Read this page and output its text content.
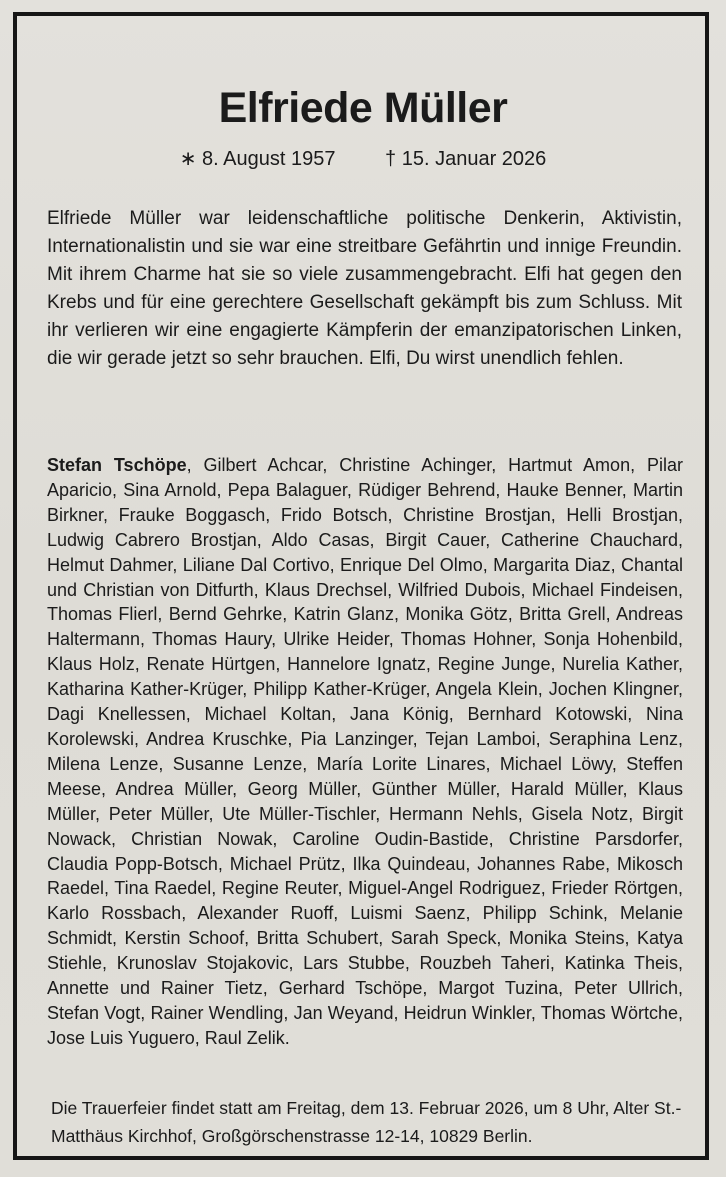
Elfriede Müller
∗ 8. August 1957 † 15. Januar 2026

Elfriede Müller war leidenschaftliche politische Denkerin, Aktivistin, Internationalistin und sie war eine streitbare Gefährtin und innige Freundin. Mit ihrem Charme hat sie so viele zusammengebracht. Elfi hat gegen den Krebs und für eine gerechtere Gesellschaft gekämpft bis zum Schluss. Mit ihr verlieren wir eine engagierte Kämpferin der emanzipatorischen Linken, die wir gerade jetzt so sehr brauchen. Elfi, Du wirst unendlich fehlen.

Stefan Tschöpe, Gilbert Achcar, Christine Achinger, Hartmut Amon, Pilar Aparicio, Sina Arnold, Pepa Balaguer, Rüdiger Behrend, Hauke Benner, Martin Birkner, Frauke Boggasch, Frido Botsch, Christine Brostjan, Helli Brostjan, Ludwig Cabrero Brostjan, Aldo Casas, Birgit Cauer, Catherine Chauchard, Helmut Dahmer, Liliane Dal Cortivo, Enrique Del Olmo, Margarita Diaz, Chantal und Christian von Ditfurth, Klaus Drechsel, Wilfried Dubois, Michael Findeisen, Thomas Flierl, Bernd Gehrke, Katrin Glanz, Monika Götz, Britta Grell, Andreas Haltermann, Thomas Haury, Ulrike Heider, Thomas Hohner, Sonja Hohenbild, Klaus Holz, Renate Hürtgen, Hannelore Ignatz, Regine Junge, Nurelia Kather, Katharina Kather-Krüger, Philipp Kather-Krüger, Angela Klein, Jochen Klingner, Dagi Knellessen, Michael Koltan, Jana König, Bernhard Kotowski, Nina Korolewski, Andrea Kruschke, Pia Lanzinger, Tejan Lamboi, Seraphina Lenz, Milena Lenze, Susanne Lenze, María Lorite Linares, Michael Löwy, Steffen Meese, Andrea Müller, Georg Müller, Günther Müller, Harald Müller, Klaus Müller, Peter Müller, Ute Müller-Tischler, Hermann Nehls, Gisela Notz, Birgit Nowack, Christian Nowak, Caroline Oudin-Bastide, Christine Parsdorfer, Claudia Popp-Botsch, Michael Prütz, Ilka Quindeau, Johannes Rabe, Mikosch Raedel, Tina Raedel, Regine Reuter, Miguel-Angel Rodriguez, Frieder Rörtgen, Karlo Rossbach, Alexander Ruoff, Luismi Saenz, Philipp Schink, Melanie Schmidt, Kerstin Schoof, Britta Schubert, Sarah Speck, Monika Steins, Katya Stiehle, Krunoslav Stojakovic, Lars Stubbe, Rouzbeh Taheri, Katinka Theis, Annette und Rainer Tietz, Gerhard Tschöpe, Margot Tuzina, Peter Ullrich, Stefan Vogt, Rainer Wendling, Jan Weyand, Heidrun Winkler, Thomas Wörtche, Jose Luis Yuguero, Raul Zelik.

Die Trauerfeier findet statt am Freitag, dem 13. Februar 2026, um 8 Uhr, Alter St.-Matthäus Kirchhof, Großgörschenstrasse 12-14, 10829 Berlin.
